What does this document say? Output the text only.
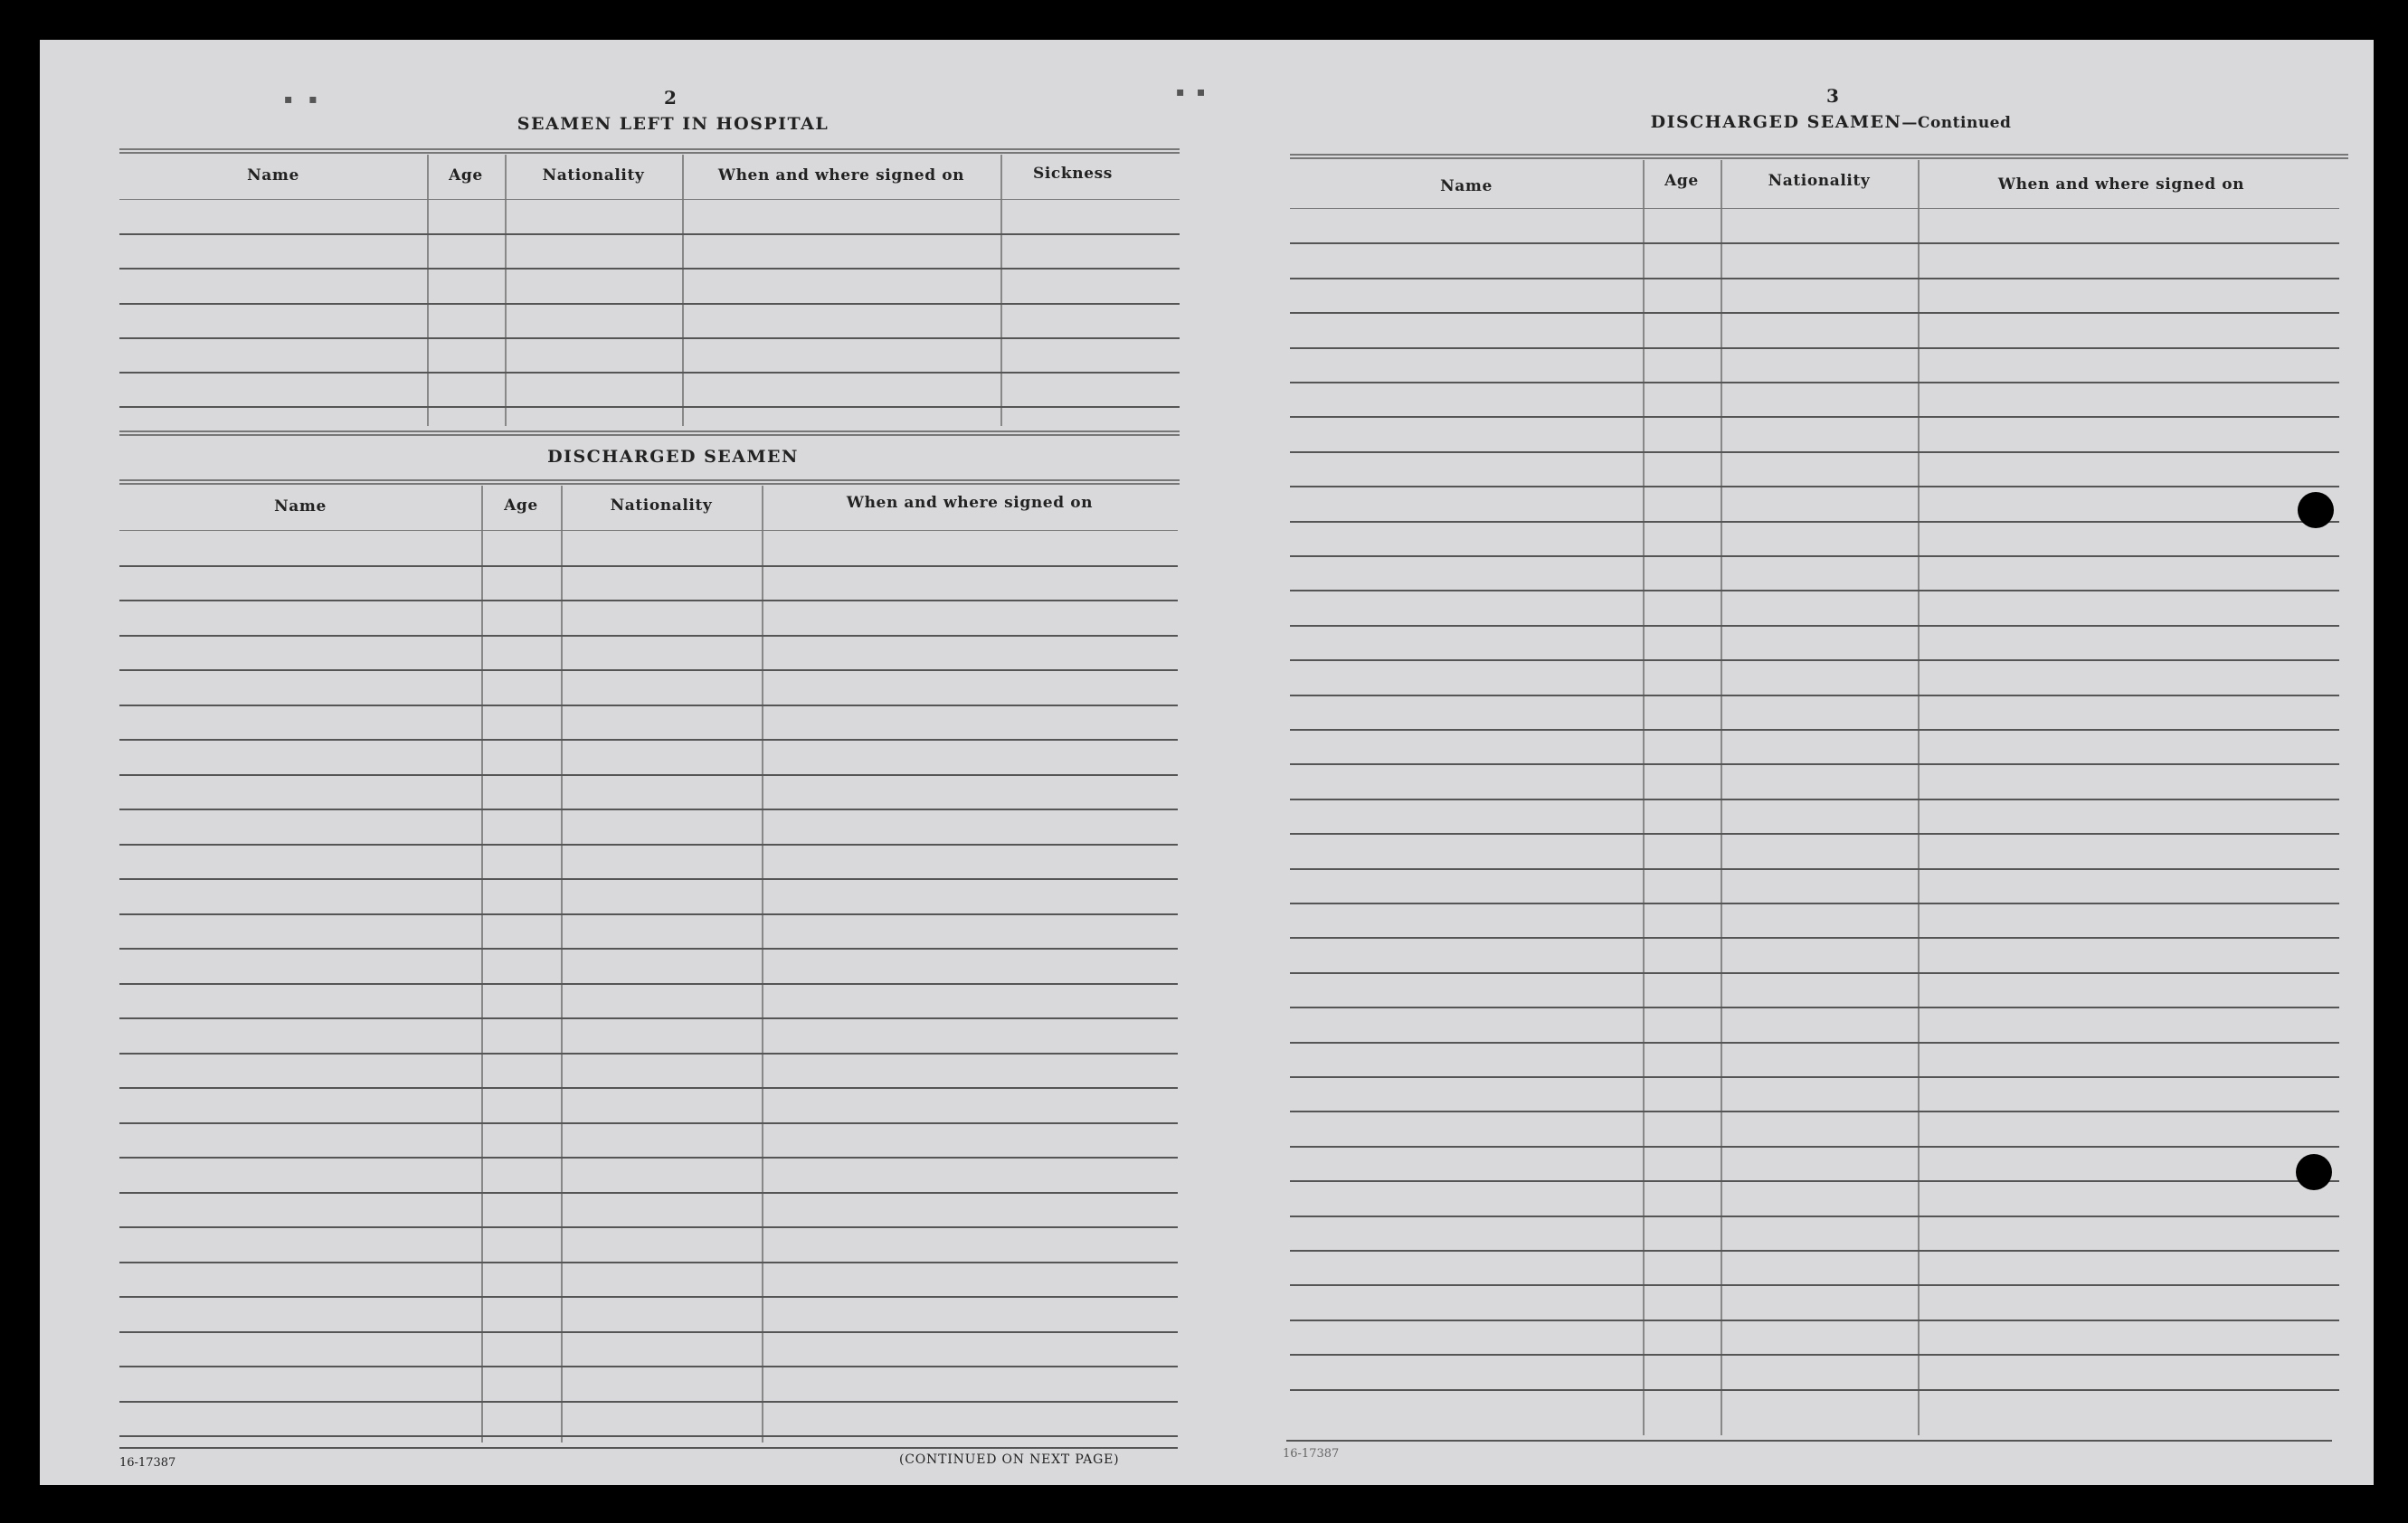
▪    ▪	2
SEAMEN LEFT IN HOSPITAL
Name	Age	Nationality	When and where signed on	Sickness
DISCHARGED SEAMEN
Name	Age	Nationality	When and where signed on
16-17387	(CONTINUED ON NEXT PAGE)
▪   ▪	3
DISCHARGED SEAMEN—Continued
Name	Age	Nationality	When and where signed on
16-17387
